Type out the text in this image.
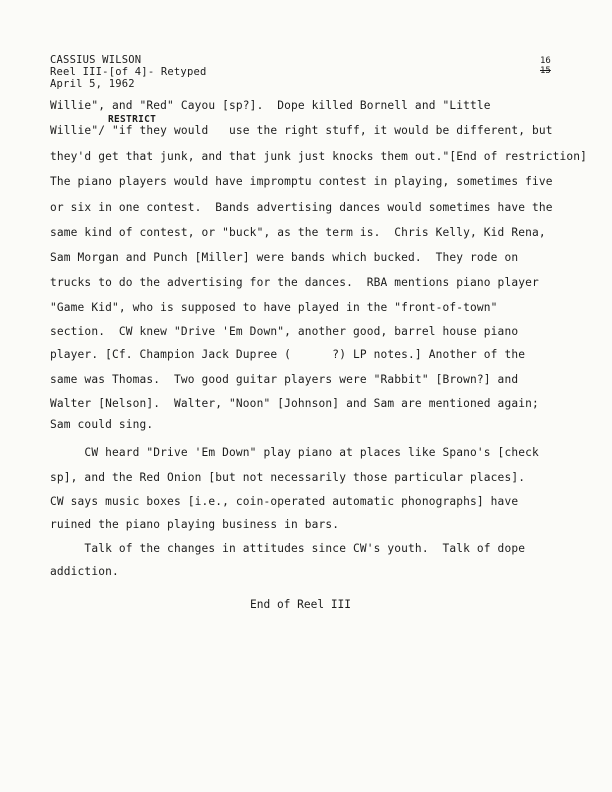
CASSIUS WILSON
Reel III-[of 4]- Retyped
April 5, 1962
16
15
RESTRICT
Willie", and "Red" Cayou [sp?].  Dope killed Bornell and "Little
Willie"/ "if they would   use the right stuff, it would be different, but
they'd get that junk, and that junk just knocks them out."[End of restriction]
The piano players would have impromptu contest in playing, sometimes five
or six in one contest.  Bands advertising dances would sometimes have the
same kind of contest, or "buck", as the term is.  Chris Kelly, Kid Rena,
Sam Morgan and Punch [Miller] were bands which bucked.  They rode on
trucks to do the advertising for the dances.  RBA mentions piano player
"Game Kid", who is supposed to have played in the "front-of-town"
section.  CW knew "Drive 'Em Down", another good, barrel house piano
player. [Cf. Champion Jack Dupree (      ?) LP notes.] Another of the
same was Thomas.  Two good guitar players were "Rabbit" [Brown?] and
Walter [Nelson].  Walter, "Noon" [Johnson] and Sam are mentioned again;
Sam could sing.
CW heard "Drive 'Em Down" play piano at places like Spano's [check
sp], and the Red Onion [but not necessarily those particular places].
CW says music boxes [i.e., coin-operated automatic phonographs] have
ruined the piano playing business in bars.
Talk of the changes in attitudes since CW's youth.  Talk of dope
addiction.
End of Reel III
